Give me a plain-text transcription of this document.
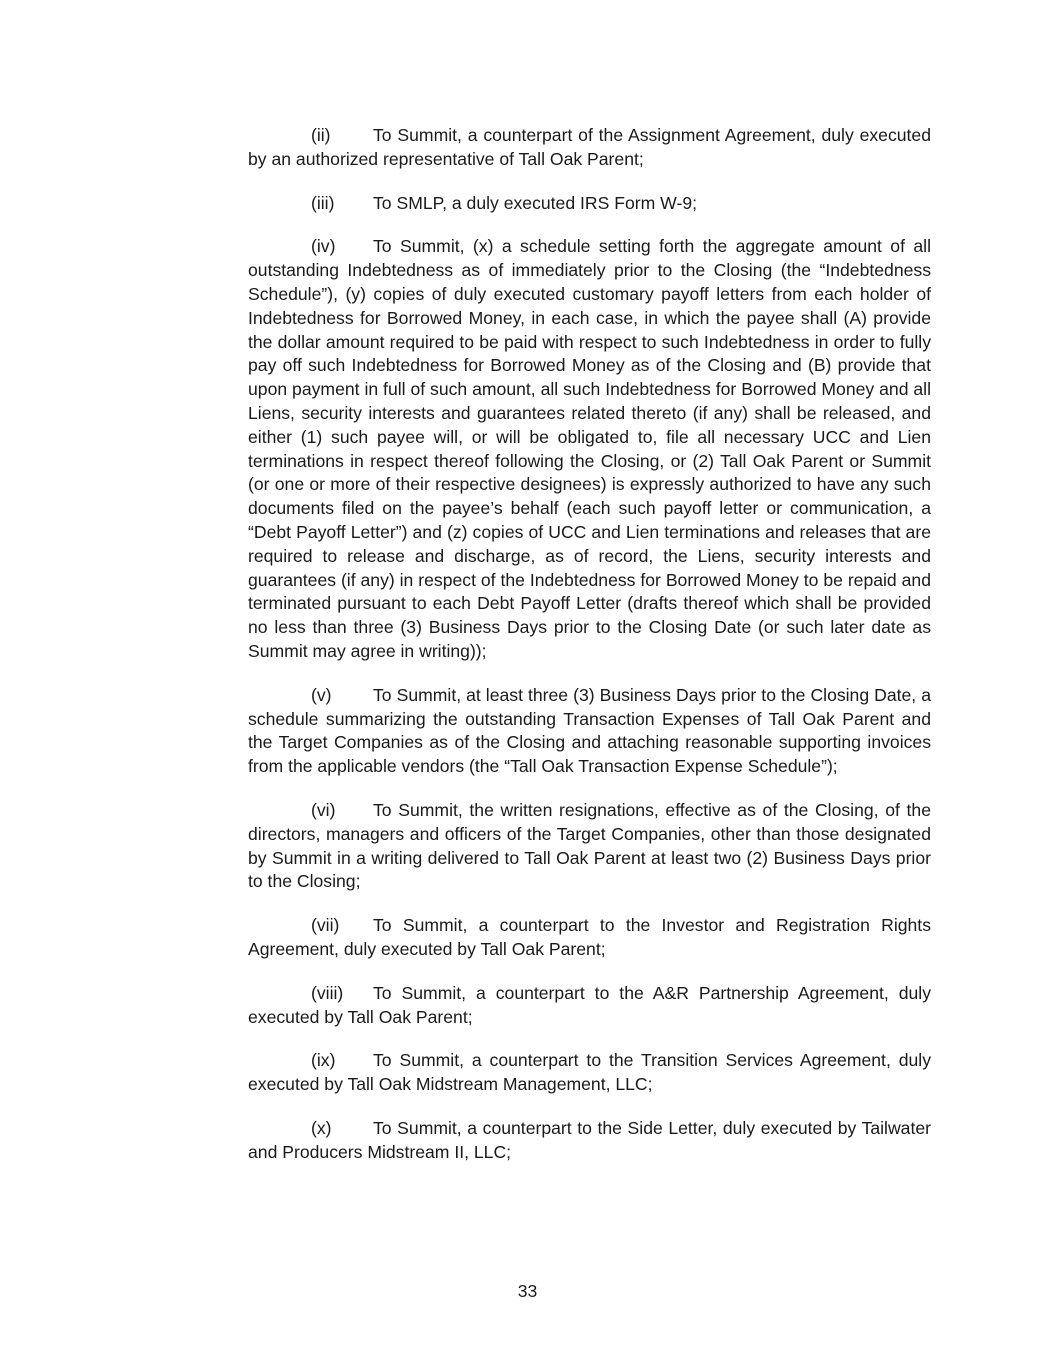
(ii) To Summit, a counterpart of the Assignment Agreement, duly executed by an authorized representative of Tall Oak Parent;

(iii) To SMLP, a duly executed IRS Form W-9;

(iv) To Summit, (x) a schedule setting forth the aggregate amount of all outstanding Indebtedness as of immediately prior to the Closing (the “Indebtedness Schedule”), (y) copies of duly executed customary payoff letters from each holder of Indebtedness for Borrowed Money, in each case, in which the payee shall (A) provide the dollar amount required to be paid with respect to such Indebtedness in order to fully pay off such Indebtedness for Borrowed Money as of the Closing and (B) provide that upon payment in full of such amount, all such Indebtedness for Borrowed Money and all Liens, security interests and guarantees related thereto (if any) shall be released, and either (1) such payee will, or will be obligated to, file all necessary UCC and Lien terminations in respect thereof following the Closing, or (2) Tall Oak Parent or Summit (or one or more of their respective designees) is expressly authorized to have any such documents filed on the payee’s behalf (each such payoff letter or communication, a “Debt Payoff Letter”) and (z) copies of UCC and Lien terminations and releases that are required to release and discharge, as of record, the Liens, security interests and guarantees (if any) in respect of the Indebtedness for Borrowed Money to be repaid and terminated pursuant to each Debt Payoff Letter (drafts thereof which shall be provided no less than three (3) Business Days prior to the Closing Date (or such later date as Summit may agree in writing));

(v) To Summit, at least three (3) Business Days prior to the Closing Date, a schedule summarizing the outstanding Transaction Expenses of Tall Oak Parent and the Target Companies as of the Closing and attaching reasonable supporting invoices from the applicable vendors (the “Tall Oak Transaction Expense Schedule”);

(vi) To Summit, the written resignations, effective as of the Closing, of the directors, managers and officers of the Target Companies, other than those designated by Summit in a writing delivered to Tall Oak Parent at least two (2) Business Days prior to the Closing;

(vii) To Summit, a counterpart to the Investor and Registration Rights Agreement, duly executed by Tall Oak Parent;

(viii) To Summit, a counterpart to the A&R Partnership Agreement, duly executed by Tall Oak Parent;

(ix) To Summit, a counterpart to the Transition Services Agreement, duly executed by Tall Oak Midstream Management, LLC;

(x) To Summit, a counterpart to the Side Letter, duly executed by Tailwater and Producers Midstream II, LLC;

33
